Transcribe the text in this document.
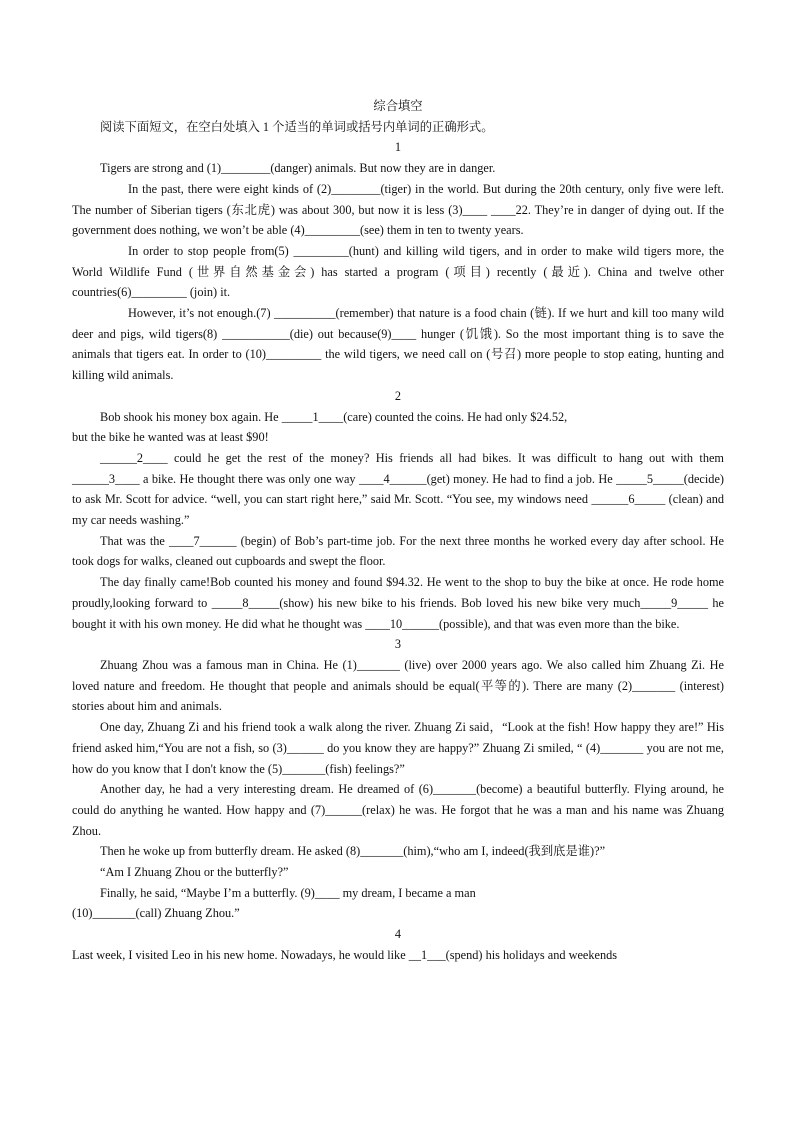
综合填空

阅读下面短文，在空白处填入 1 个适当的单词或括号内单词的正确形式。

1

Tigers are strong and (1)________(danger) animals. But now they are in danger.

In the past, there were eight kinds of (2)________(tiger) in the world. But during the 20th century, only five were left. The number of Siberian tigers (东北虎) was about 300, but now it is less (3)____ ____22. They’re in danger of dying out. If the government does nothing, we won’t be able (4)_________(see) them in ten to twenty years.

In order to stop people from(5) _________(hunt) and killing wild tigers, and in order to make wild tigers more, the World Wildlife Fund (世界自然基金会) has started a program (项目) recently (最近). China and twelve other countries(6)_________ (join) it.

However, it’s not enough.(7) __________(remember) that nature is a food chain (链). If we hurt and kill too many wild deer and pigs, wild tigers(8) ___________(die) out because(9)____ hunger (饥饿). So the most important thing is to save the animals that tigers eat. In order to (10)_________ the wild tigers, we need call on (号召) more people to stop eating, hunting and killing wild animals.

2

Bob shook his money box again. He _____1____(care) counted the coins. He had only $24.52,

but the bike he wanted was at least $90!

______2____ could he get the rest of the money? His friends all had bikes. It was difficult to hang out with them ______3____ a bike. He thought there was only one way ____4______(get) money. He had to find a job. He _____5_____(decide) to ask Mr. Scott for advice. “well, you can start right here,” said Mr. Scott. “You see, my windows need ______6_____ (clean) and my car needs washing.”

That was the ____7______ (begin) of Bob’s part-time job. For the next three months he worked every day after school. He took dogs for walks, cleaned out cupboards and swept the floor.

The day finally came!Bob counted his money and found $94.32. He went to the shop to buy the bike at once. He rode home proudly,looking forward to _____8_____(show) his new bike to his friends. Bob loved his new bike very much_____9_____ he bought it with his own money. He did what he thought was ____10______(possible), and that was even more than the bike.

3

Zhuang Zhou was a famous man in China. He (1)_______ (live) over 2000 years ago. We also called him Zhuang Zi. He loved nature and freedom. He thought that people and animals should be equal(平等的). There are many (2)_______ (interest) stories about him and animals.

One day, Zhuang Zi and his friend took a walk along the river. Zhuang Zi said，“Look at the fish! How happy they are!” His friend asked him,“You are not a fish, so (3)______ do you know they are happy?” Zhuang Zi smiled, “ (4)_______ you are not me, how do you know that I don't know the (5)_______(fish) feelings?”

Another day, he had a very interesting dream. He dreamed of (6)_______(become) a beautiful butterfly. Flying around, he could do anything he wanted. How happy and (7)______(relax) he was. He forgot that he was a man and his name was Zhuang Zhou.

Then he woke up from butterfly dream. He asked (8)_______(him),“who am I, indeed(我到底是谁)?”

“Am I Zhuang Zhou or the butterfly?”

Finally, he said, “Maybe I’m a butterfly. (9)____ my dream, I became a man

(10)_______(call) Zhuang Zhou.”

4

Last week, I visited Leo in his new home. Nowadays, he would like __1___(spend) his holidays and weekends
